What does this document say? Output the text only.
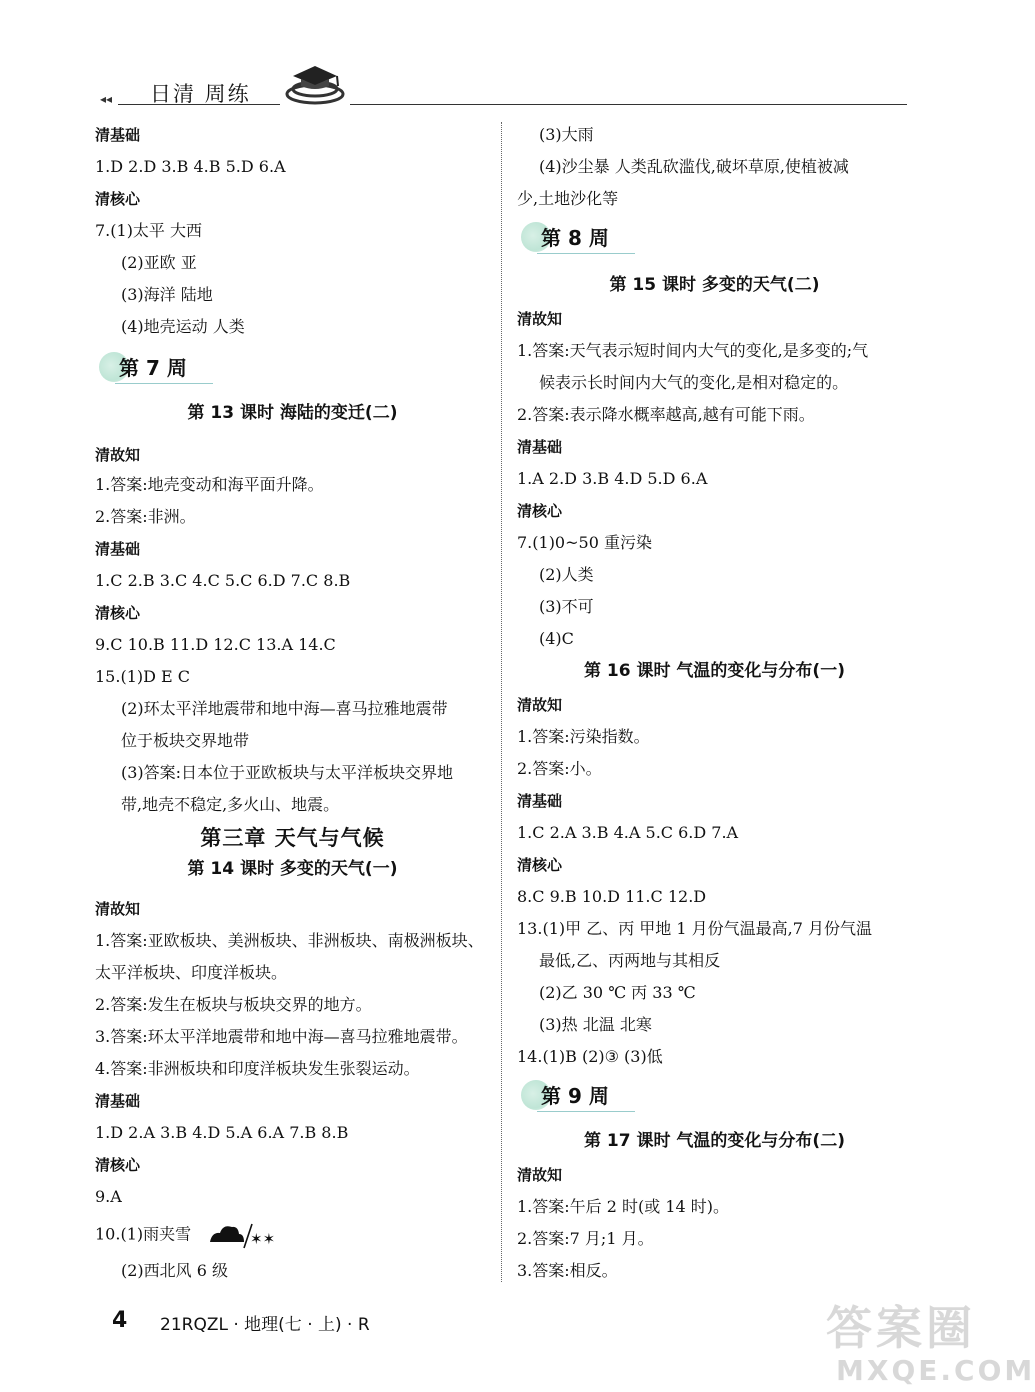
◂◂ 日清 周练
清基础
1.D 2.D 3.B 4.B 5.D 6.A
清核心
7.(1)太平 大西
(2)亚欧 亚
(3)海洋 陆地
(4)地壳运动 人类
第 7 周
第 13 课时 海陆的变迁(二)
清故知
1.答案:地壳变动和海平面升降。
2.答案:非洲。
清基础
1.C 2.B 3.C 4.C 5.C 6.D 7.C 8.B
清核心
9.C 10.B 11.D 12.C 13.A 14.C
15.(1)D E C
(2)环太平洋地震带和地中海—喜马拉雅地震带
位于板块交界地带
(3)答案:日本位于亚欧板块与太平洋板块交界地
带,地壳不稳定,多火山、地震。
第三章 天气与气候
第 14 课时 多变的天气(一)
清故知
1.答案:亚欧板块、美洲板块、非洲板块、南极洲板块、
太平洋板块、印度洋板块。
2.答案:发生在板块与板块交界的地方。
3.答案:环太平洋地震带和地中海—喜马拉雅地震带。
4.答案:非洲板块和印度洋板块发生张裂运动。
清基础
1.D 2.A 3.B 4.D 5.A 6.A 7.B 8.B
清核心
9.A
10.(1)雨夹雪	✶✶
(2)西北风 6 级
(3)大雨
(4)沙尘暴 人类乱砍滥伐,破坏草原,使植被减
少,土地沙化等
第 8 周
第 15 课时 多变的天气(二)
清故知
1.答案:天气表示短时间内大气的变化,是多变的;气
候表示长时间内大气的变化,是相对稳定的。
2.答案:表示降水概率越高,越有可能下雨。
清基础
1.A 2.D 3.B 4.D 5.D 6.A
清核心
7.(1)0~50 重污染
(2)人类
(3)不可
(4)C
第 16 课时 气温的变化与分布(一)
清故知
1.答案:污染指数。
2.答案:小。
清基础
1.C 2.A 3.B 4.A 5.C 6.D 7.A
清核心
8.C 9.B 10.D 11.C 12.D
13.(1)甲 乙、丙 甲地 1 月份气温最高,7 月份气温
最低,乙、丙两地与其相反
(2)乙 30 ℃ 丙 33 ℃
(3)热 北温 北寒
14.(1)B (2)③ (3)低
第 9 周
第 17 课时 气温的变化与分布(二)
清故知
1.答案:午后 2 时(或 14 时)。
2.答案:7 月;1 月。
3.答案:相反。
4 21RQZL · 地理(七 · 上) · R	答案圈
MXQE.COM
